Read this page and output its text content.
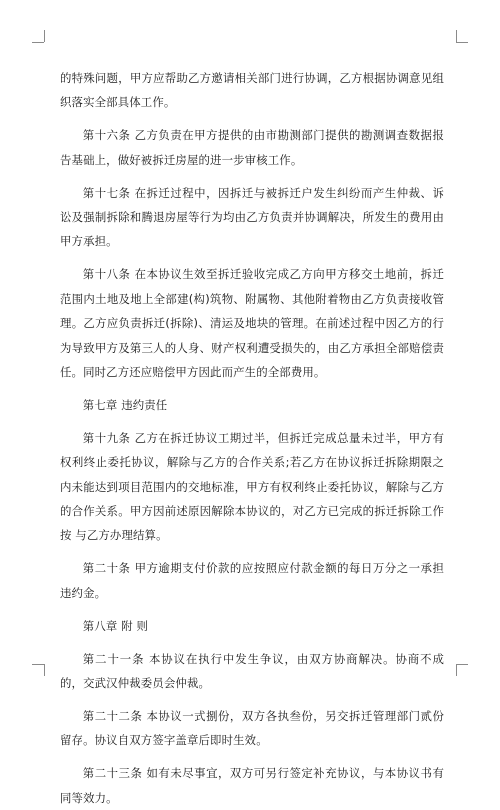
的特殊问题，甲方应帮助乙方邀请相关部门进行协调，乙方根据协调意见组织落实全部具体工作。

第十六条 乙方负责在甲方提供的由市勘测部门提供的勘测调查数据报告基础上，做好被拆迁房屋的进一步审核工作。

第十七条 在拆迁过程中，因拆迁与被拆迁户发生纠纷而产生仲裁、诉讼及强制拆除和腾退房屋等行为均由乙方负责并协调解决，所发生的费用由甲方承担。

第十八条 在本协议生效至拆迁验收完成乙方向甲方移交土地前，拆迁范围内土地及地上全部建(构)筑物、附属物、其他附着物由乙方负责接收管理。乙方应负责拆迁(拆除)、清运及地块的管理。在前述过程中因乙方的行为导致甲方及第三人的人身、财产权利遭受损失的，由乙方承担全部赔偿责任。同时乙方还应赔偿甲方因此而产生的全部费用。

第七章 违约责任

第十九条 乙方在拆迁协议工期过半，但拆迁完成总量未过半，甲方有权利终止委托协议，解除与乙方的合作关系;若乙方在协议拆迁拆除期限之内未能达到项目范围内的交地标准，甲方有权利终止委托协议，解除与乙方的合作关系。甲方因前述原因解除本协议的，对乙方已完成的拆迁拆除工作按 与乙方办理结算。

第二十条 甲方逾期支付价款的应按照应付款金额的每日万分之一承担违约金。

第八章 附 则

第二十一条 本协议在执行中发生争议，由双方协商解决。协商不成的，交武汉仲裁委员会仲裁。

第二十二条 本协议一式捌份，双方各执叁份，另交拆迁管理部门贰份留存。协议自双方签字盖章后即时生效。

第二十三条 如有未尽事宜，双方可另行签定补充协议，与本协议书有同等效力。
